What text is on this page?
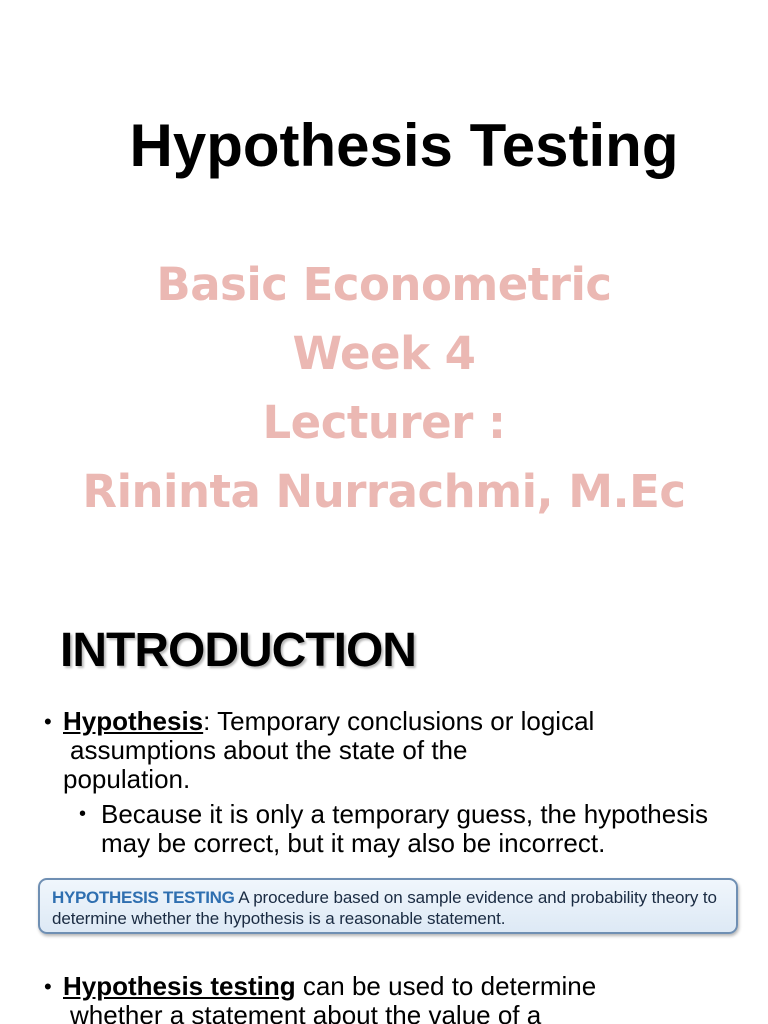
Hypothesis Testing
Basic Econometric
Week 4
Lecturer :
Rininta Nurrachmi, M.Ec
INTRODUCTION
• Hypothesis: Temporary conclusions or logical
assumptions about the state of the
population.
• Because it is only a temporary guess, the hypothesis may be correct, but it may also be incorrect.
HYPOTHESIS TESTING A procedure based on sample evidence and probability theory to determine whether the hypothesis is a reasonable statement.
• Hypothesis testing can be used to determine
whether a statement about the value of a
